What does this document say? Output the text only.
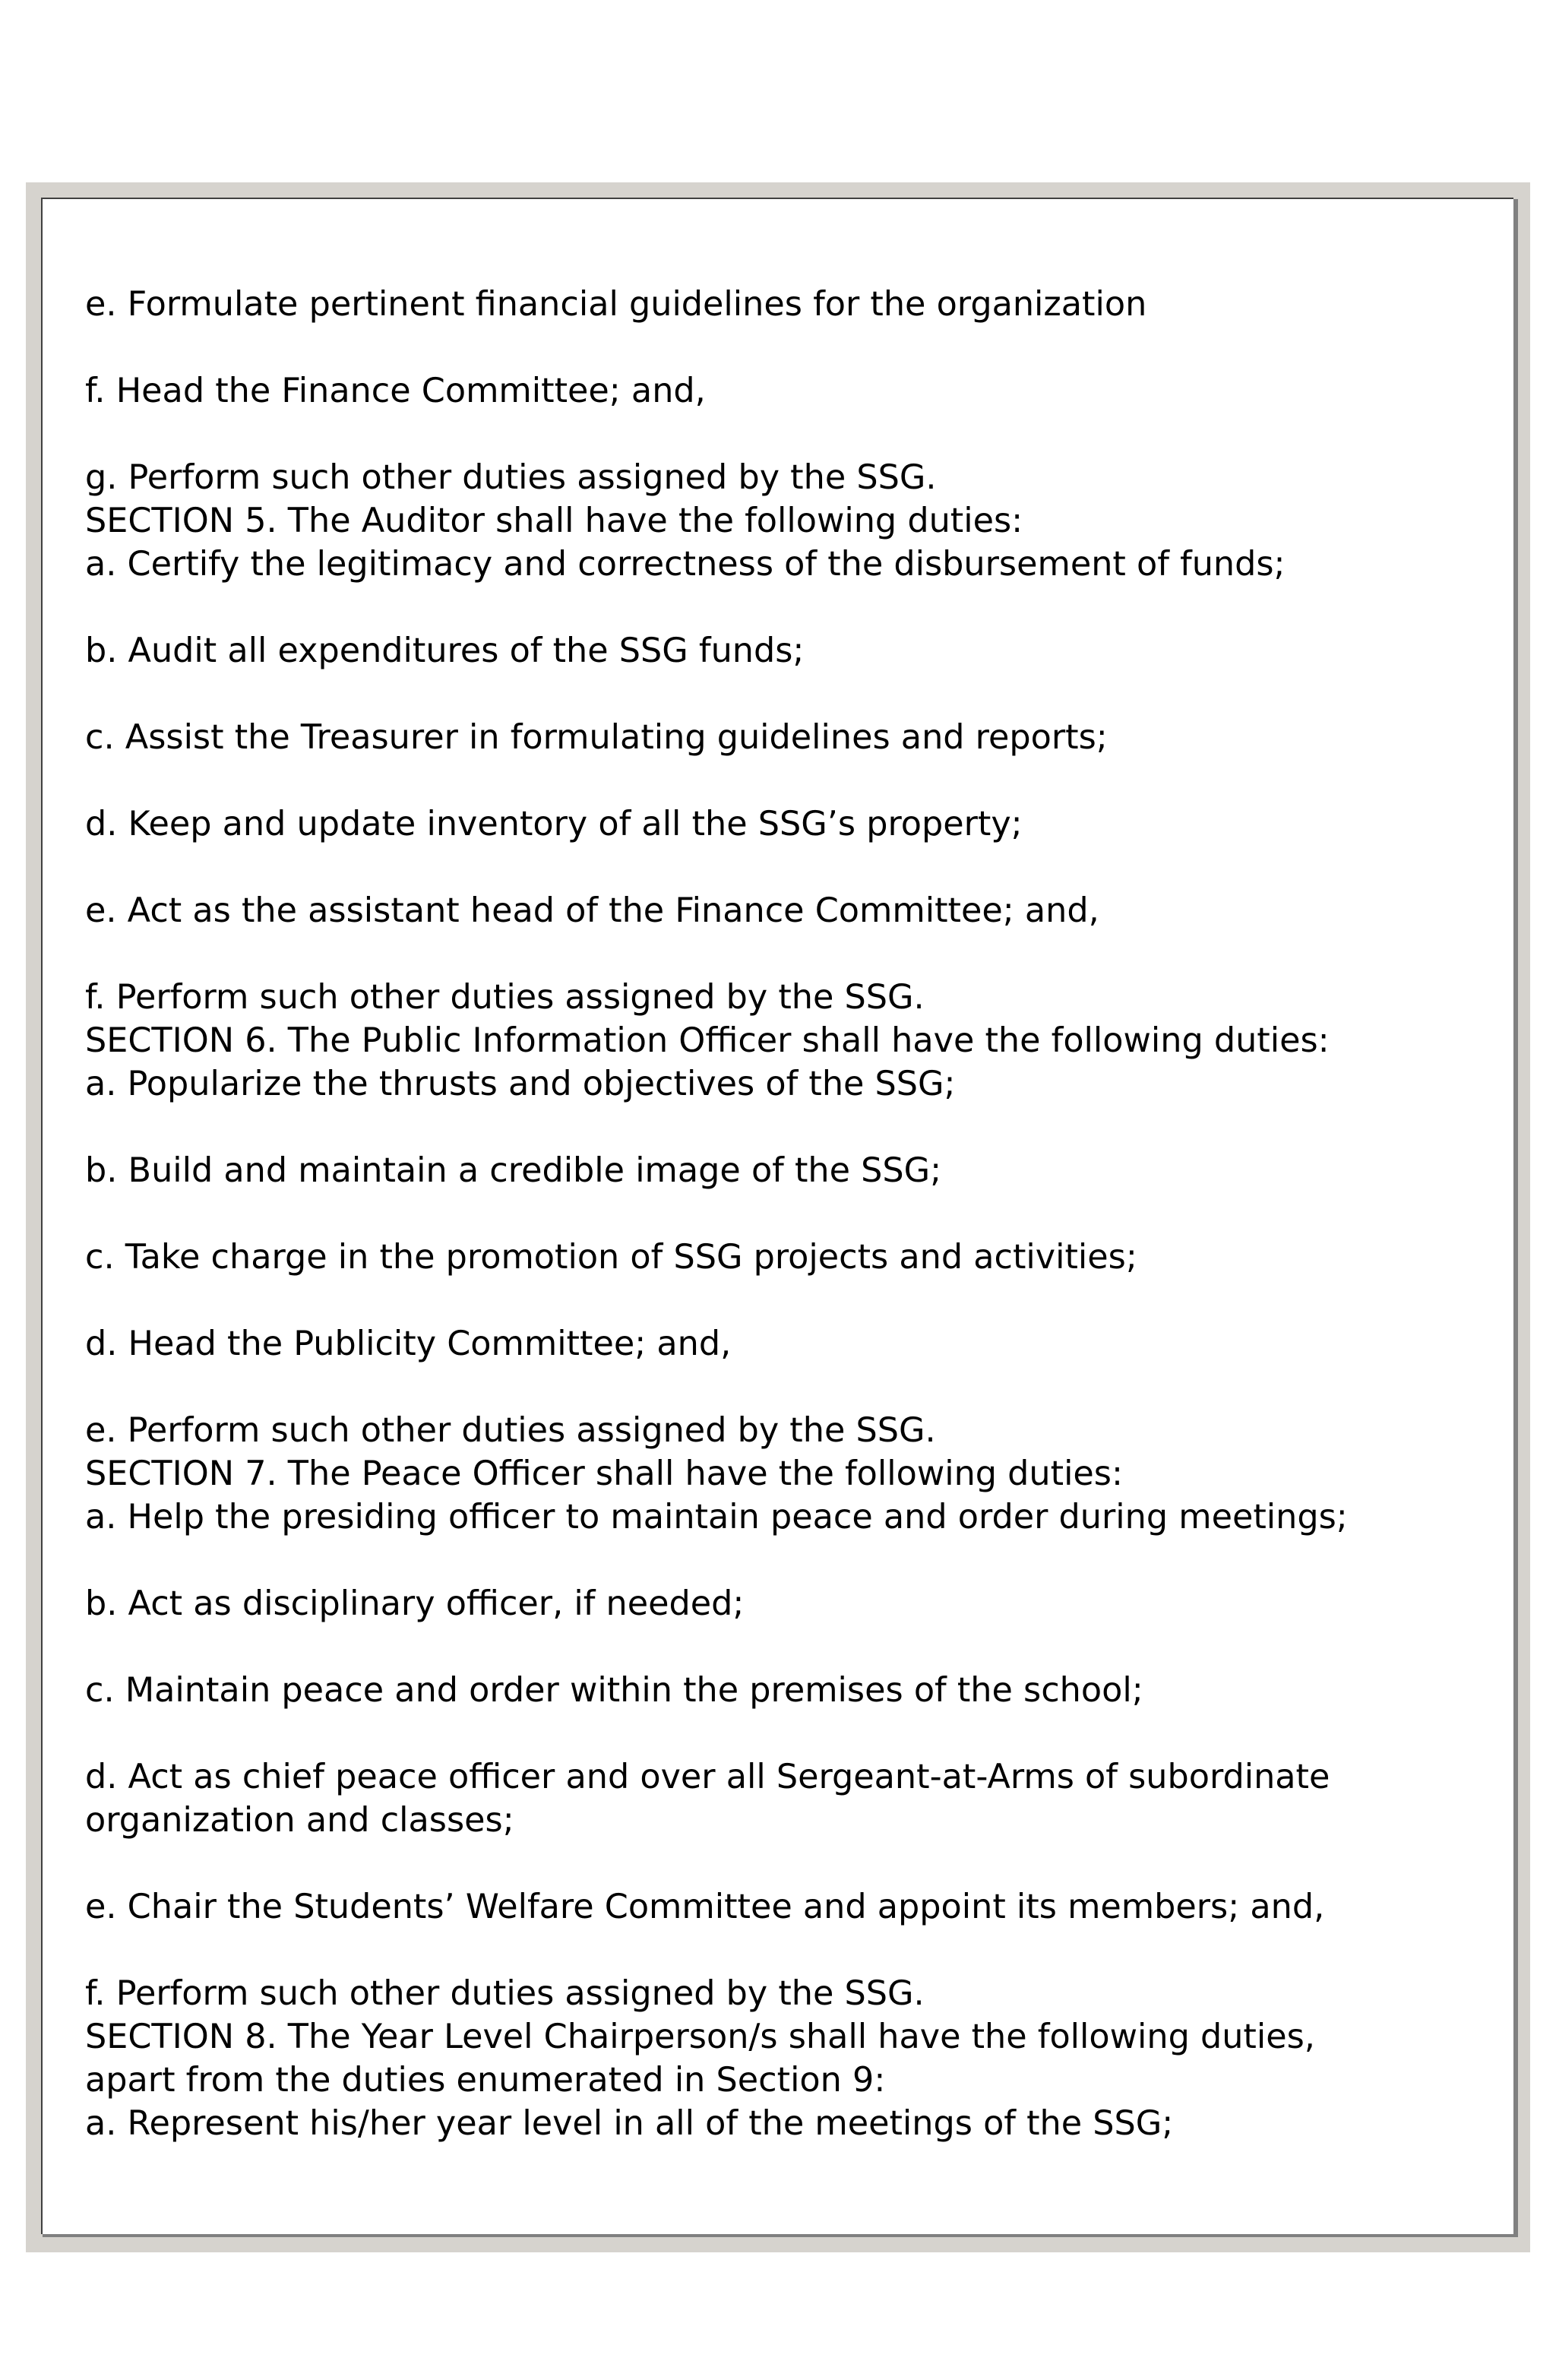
e. Formulate pertinent financial guidelines for the organization
f. Head the Finance Committee; and,
g. Perform such other duties assigned by the SSG.
SECTION 5. The Auditor shall have the following duties:
a. Certify the legitimacy and correctness of the disbursement of funds;
b. Audit all expenditures of the SSG funds;
c. Assist the Treasurer in formulating guidelines and reports;
d. Keep and update inventory of all the SSG’s property;
e. Act as the assistant head of the Finance Committee; and,
f. Perform such other duties assigned by the SSG.
SECTION 6. The Public Information Officer shall have the following duties:
a. Popularize the thrusts and objectives of the SSG;
b. Build and maintain a credible image of the SSG;
c. Take charge in the promotion of SSG projects and activities;
d. Head the Publicity Committee; and,
e. Perform such other duties assigned by the SSG.
SECTION 7. The Peace Officer shall have the following duties:
a. Help the presiding officer to maintain peace and order during meetings;
b. Act as disciplinary officer, if needed;
c. Maintain peace and order within the premises of the school;
d. Act as chief peace officer and over all Sergeant-at-Arms of subordinate
organization and classes;
e. Chair the Students’ Welfare Committee and appoint its members; and,
f. Perform such other duties assigned by the SSG.
SECTION 8. The Year Level Chairperson/s shall have the following duties,
apart from the duties enumerated in Section 9:
a. Represent his/her year level in all of the meetings of the SSG;
